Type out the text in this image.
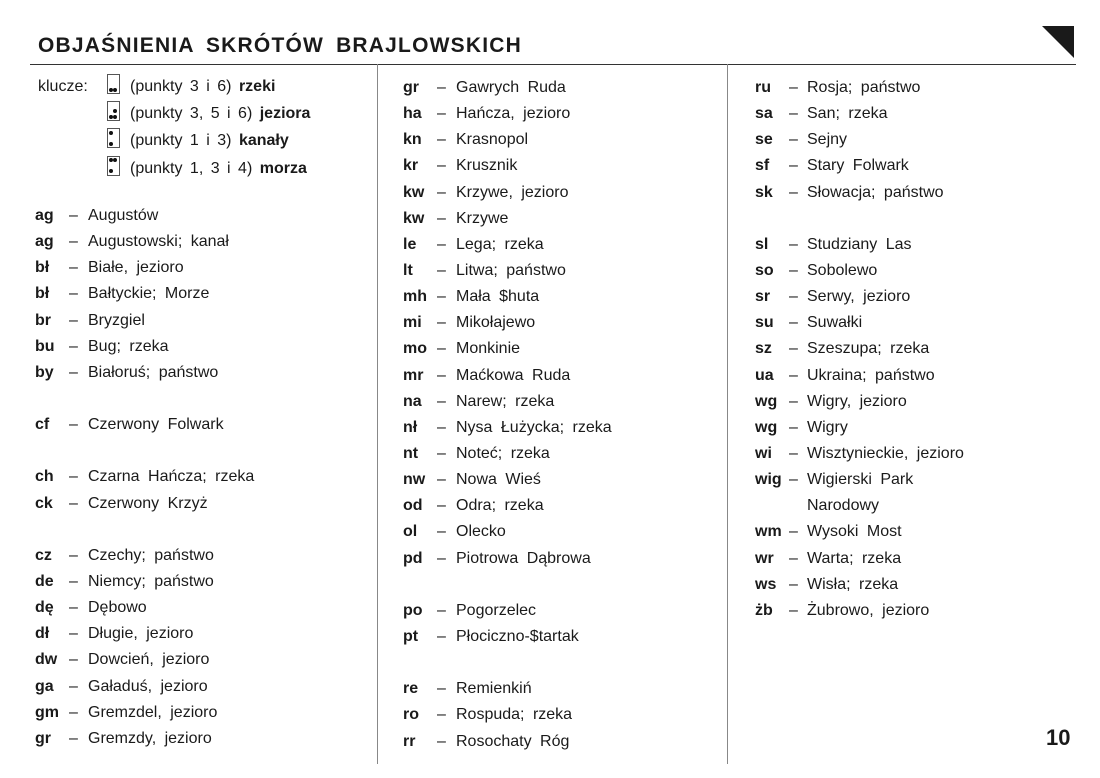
OBJAŚNIENIA SKRÓTÓW BRAJLOWSKICH
klucze:	(punkty 3 i 6) rzeki
(punkty 3, 5 i 6) jeziora
(punkty 1 i 3) kanały
(punkty 1, 3 i 4) morza
ag – Augustów
ag – Augustowski; kanał
bł – Białe, jezioro
bł – Bałtyckie; Morze
br – Bryzgiel
bu – Bug; rzeka
by – Białoruś; państwo
cf – Czerwony Folwark
ch – Czarna Hańcza; rzeka
ck – Czerwony Krzyż
cz – Czechy; państwo
de – Niemcy; państwo
dę – Dębowo
dł – Długie, jezioro
dw – Dowcień, jezioro
ga – Gaładuś, jezioro
gm – Gremzdel, jezioro
gr – Gremzdy, jezioro
gr – Gawrych Ruda
ha – Hańcza, jezioro
kn – Krasnopol
kr – Krusznik
kw – Krzywe, jezioro
kw – Krzywe
le – Lega; rzeka
lt – Litwa; państwo
mh – Mała $huta
mi – Mikołajewo
mo – Monkinie
mr – Maćkowa Ruda
na – Narew; rzeka
nł – Nysa Łużycka; rzeka
nt – Noteć; rzeka
nw – Nowa Wieś
od – Odra; rzeka
ol – Olecko
pd – Piotrowa Dąbrowa
po – Pogorzelec
pt – Płociczno-$tartak
re – Remienkiń
ro – Rospuda; rzeka
rr – Rosochaty Róg
ru – Rosja; państwo
sa – San; rzeka
se – Sejny
sf – Stary Folwark
sk – Słowacja; państwo
sl – Studziany Las
so – Sobolewo
sr – Serwy, jezioro
su – Suwałki
sz – Szeszupa; rzeka
ua – Ukraina; państwo
wg – Wigry, jezioro
wg – Wigry
wi – Wisztynieckie, jezioro
wig – Wigierski Park
Narodowy
wm – Wysoki Most
wr – Warta; rzeka
ws – Wisła; rzeka
żb – Żubrowo, jezioro
10
